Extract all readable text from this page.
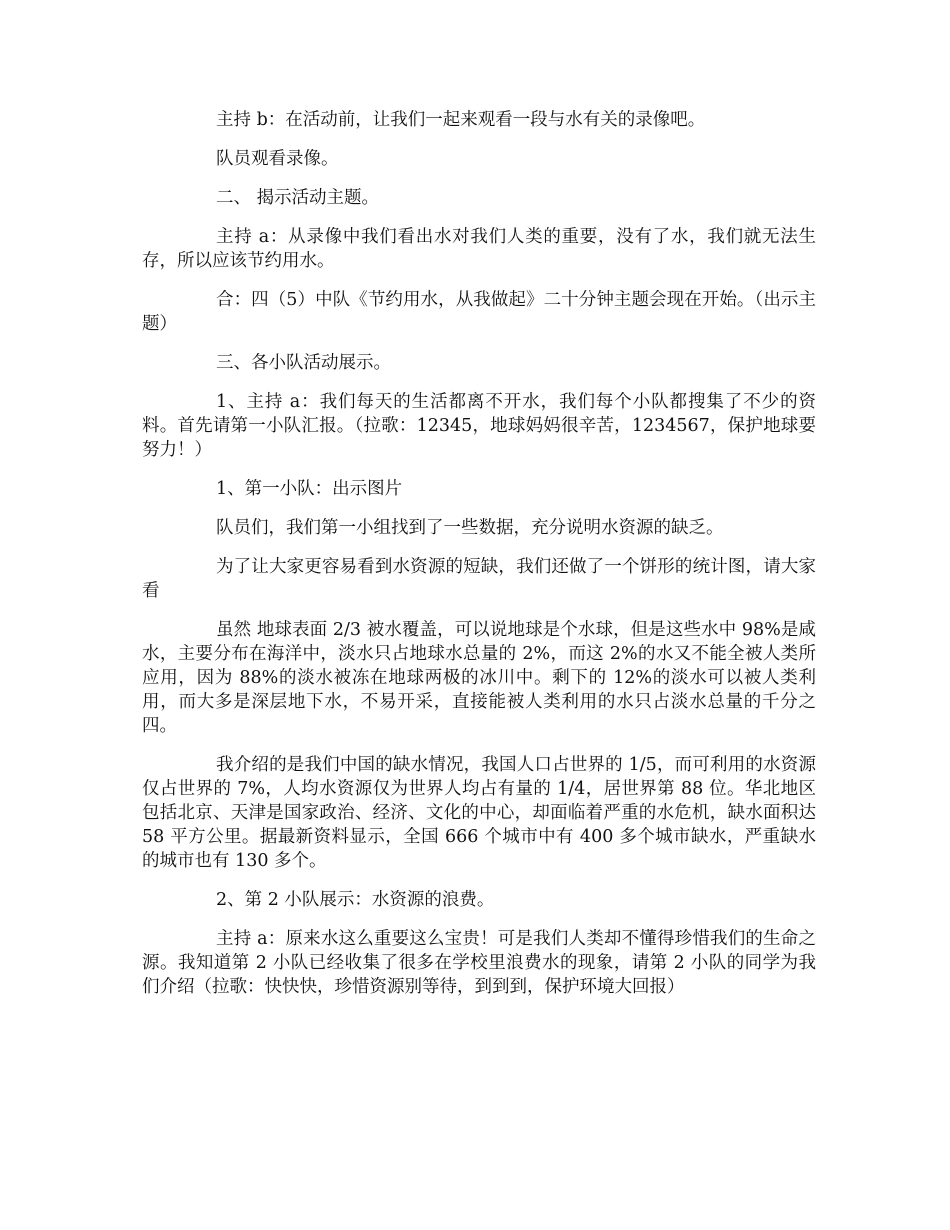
主持 b：在活动前，让我们一起来观看一段与水有关的录像吧。

队员观看录像。

二、 揭示活动主题。

主持 a：从录像中我们看出水对我们人类的重要，没有了水，我们就无法生存，所以应该节约用水。

合：四（5）中队《节约用水，从我做起》二十分钟主题会现在开始。（出示主题）

三、各小队活动展示。

1、主持 a：我们每天的生活都离不开水，我们每个小队都搜集了不少的资料。首先请第一小队汇报。（拉歌：12345，地球妈妈很辛苦，1234567，保护地球要努力！）

1、第一小队：出示图片

队员们，我们第一小组找到了一些数据，充分说明水资源的缺乏。

为了让大家更容易看到水资源的短缺，我们还做了一个饼形的统计图，请大家看

虽然 地球表面 2/3 被水覆盖，可以说地球是个水球，但是这些水中 98%是咸水，主要分布在海洋中，淡水只占地球水总量的 2%，而这 2%的水又不能全被人类所应用，因为 88%的淡水被冻在地球两极的冰川中。剩下的 12%的淡水可以被人类利用，而大多是深层地下水，不易开采，直接能被人类利用的水只占淡水总量的千分之四。

我介绍的是我们中国的缺水情况，我国人口占世界的 1/5，而可利用的水资源仅占世界的 7%，人均水资源仅为世界人均占有量的 1/4，居世界第 88 位。华北地区包括北京、天津是国家政治、经济、文化的中心，却面临着严重的水危机，缺水面积达 58 平方公里。据最新资料显示，全国 666 个城市中有 400 多个城市缺水，严重缺水的城市也有 130 多个。

2、第 2 小队展示：水资源的浪费。

主持 a：原来水这么重要这么宝贵！可是我们人类却不懂得珍惜我们的生命之源。我知道第 2 小队已经收集了很多在学校里浪费水的现象，请第 2 小队的同学为我们介绍（拉歌：快快快，珍惜资源别等待，到到到，保护环境大回报）
